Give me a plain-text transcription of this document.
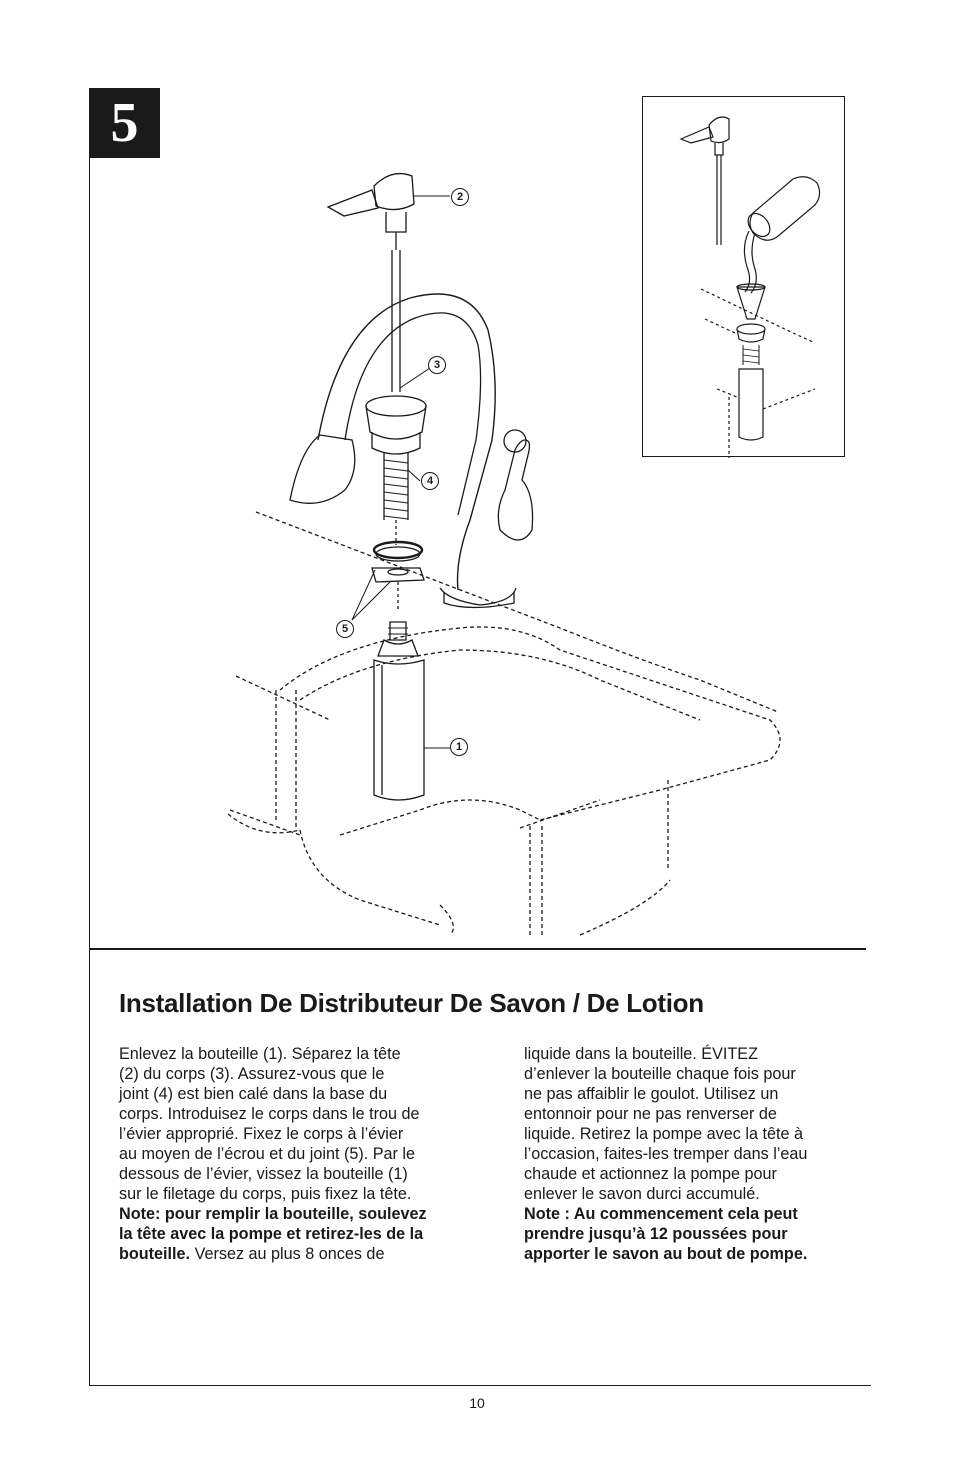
5
2
3
4
5
1
Installation De Distributeur De Savon / De Lotion
Enlevez la bouteille (1). Séparez la tête
(2) du corps (3). Assurez-vous que le
joint (4) est bien calé dans la base du
corps. Introduisez le corps dans le trou de
l’évier approprié. Fixez le corps à l’évier
au moyen de l’écrou et du joint (5). Par le
dessous de l’évier, vissez la bouteille (1)
sur le filetage du corps, puis fixez la tête.
Note: pour remplir la bouteille, soulevez
la tête avec la pompe et retirez-les de la
bouteille. Versez au plus 8 onces de
liquide dans la bouteille. ÉVITEZ
d’enlever la bouteille chaque fois pour
ne pas affaiblir le goulot. Utilisez un
entonnoir pour ne pas renverser de
liquide. Retirez la pompe avec la tête à
l’occasion, faites-les tremper dans l’eau
chaude et actionnez la pompe pour
enlever le savon durci accumulé.
Note : Au commencement cela peut
prendre jusqu’à 12 poussées pour
apporter le savon au bout de pompe.
10
